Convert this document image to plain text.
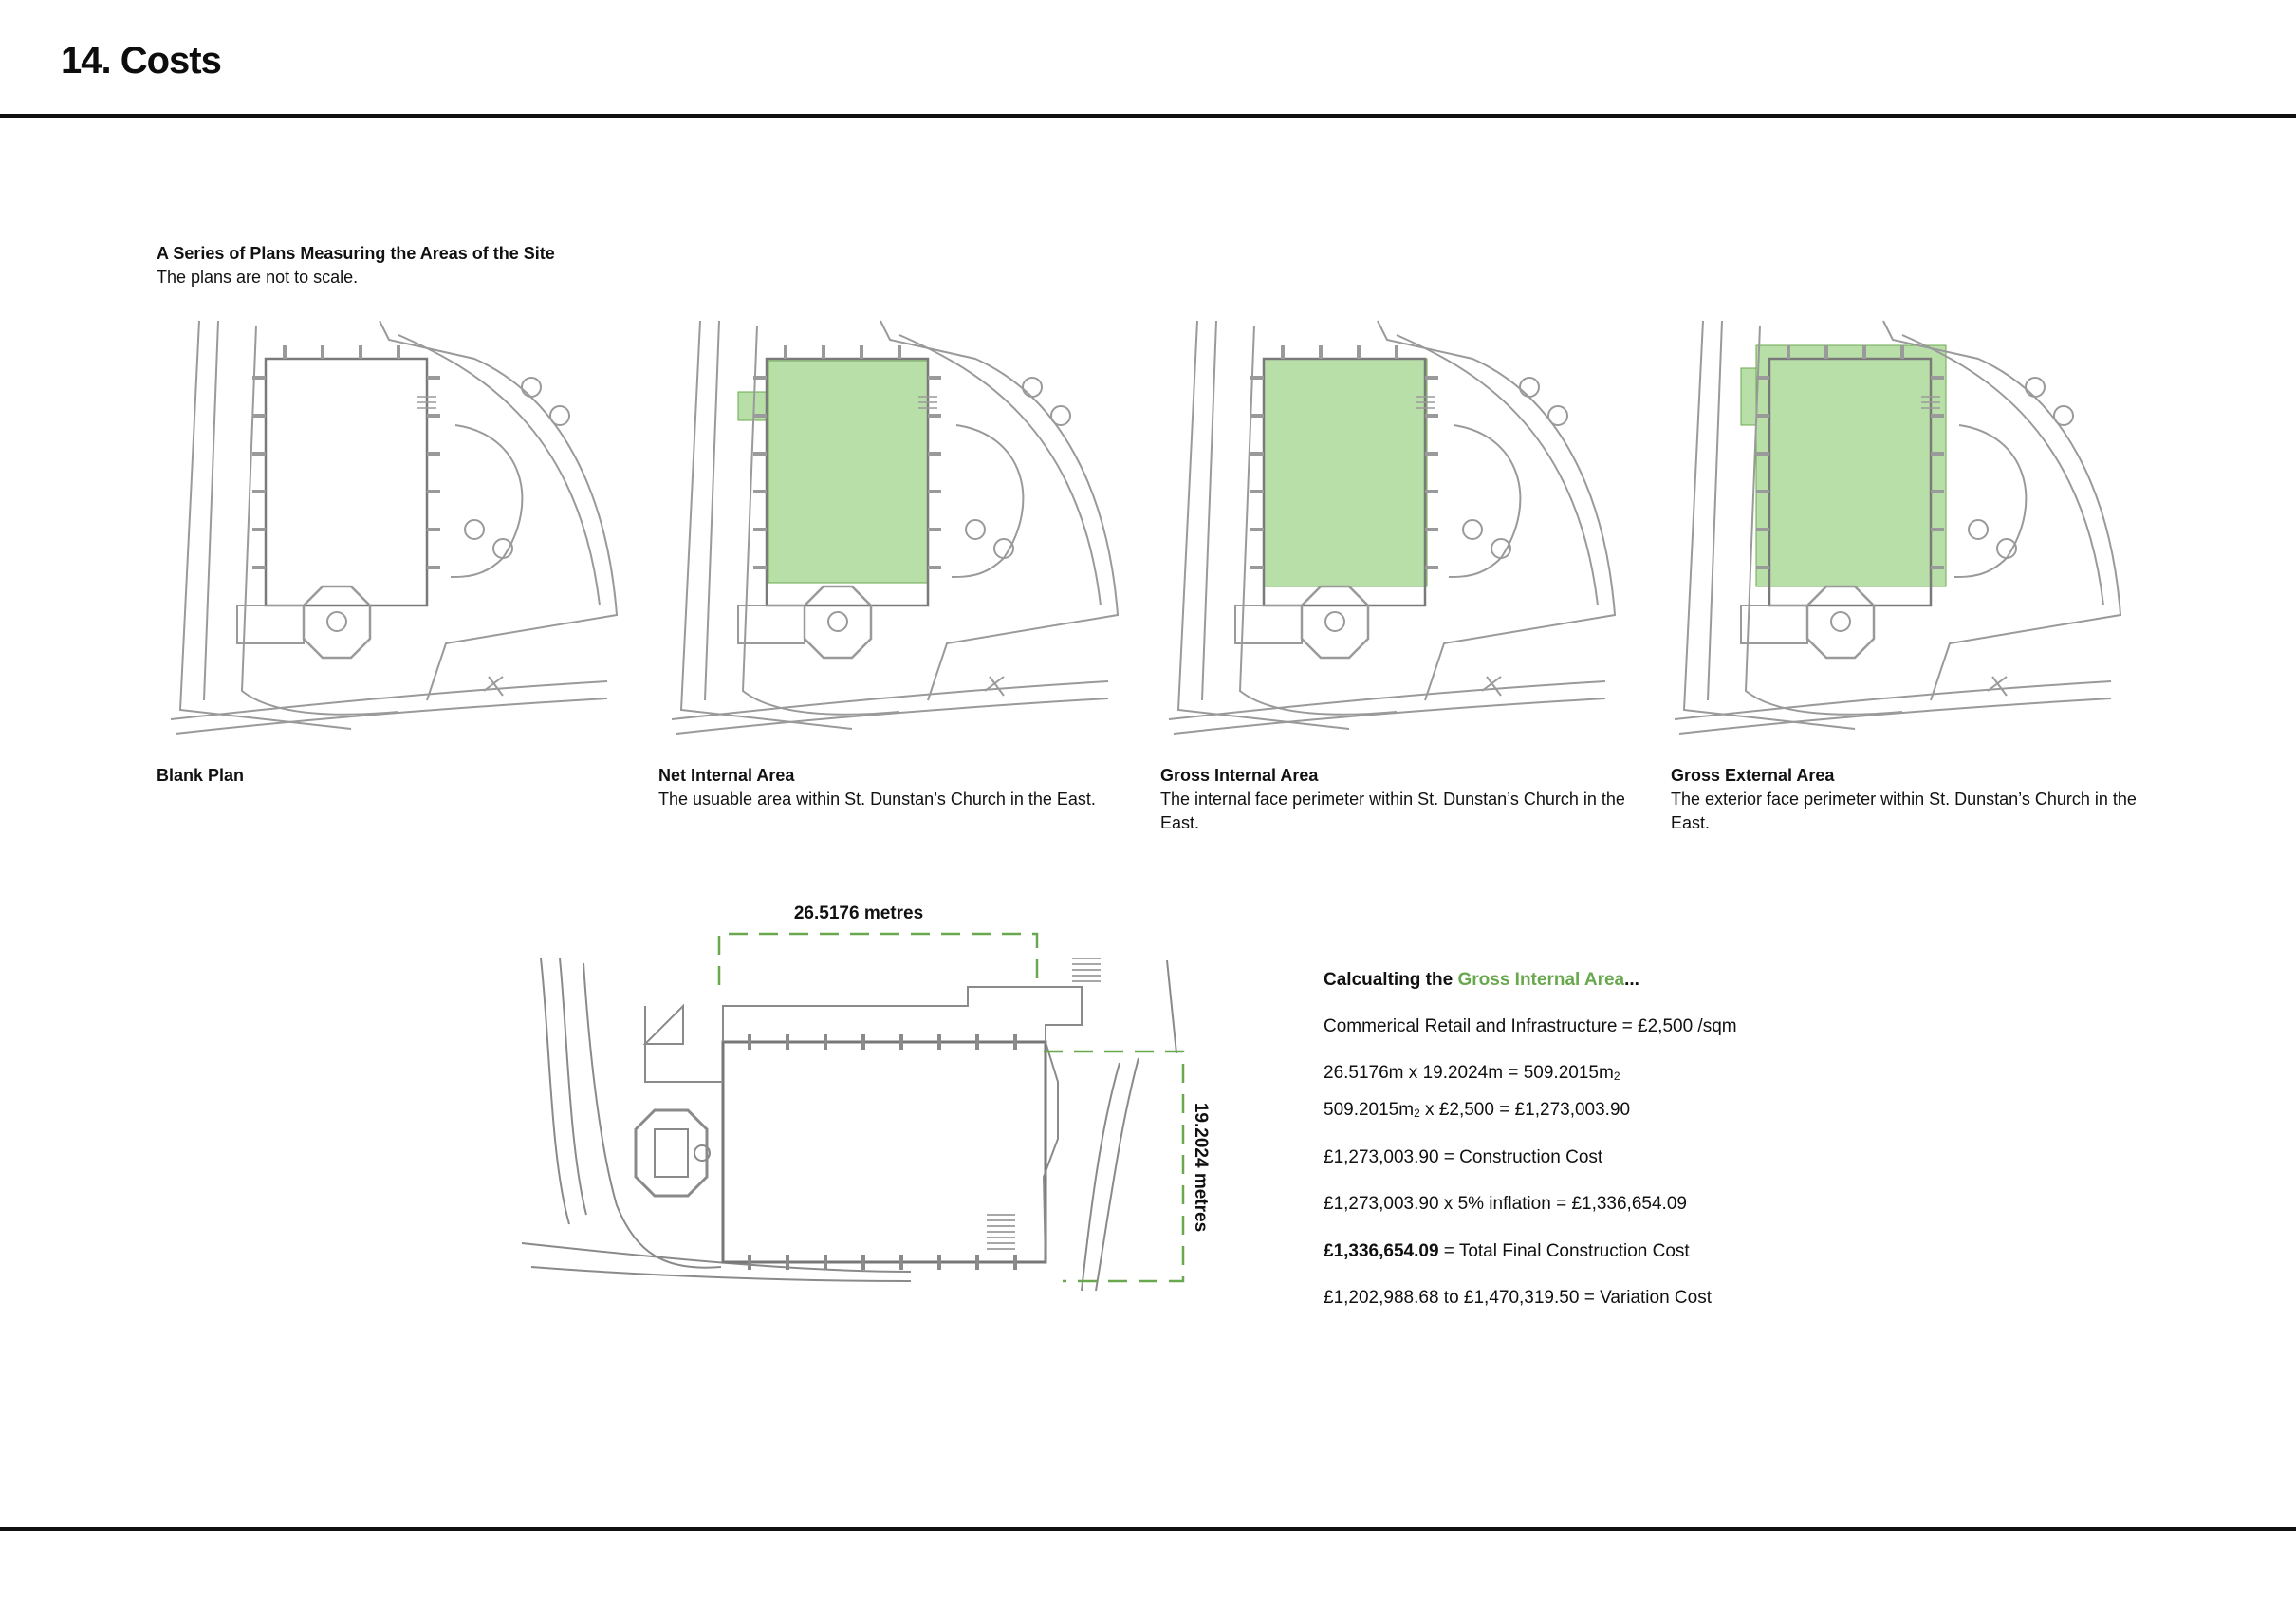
14. Costs
A Series of Plans Measuring the Areas of the Site
The plans are not to scale.
Blank Plan	Net Internal Area
The usuable area within St. Dunstan’s Church in the East.
Gross Internal Area
The internal face perimeter within St. Dunstan’s Church in the East.
Gross External Area
The exterior face perimeter within St. Dunstan’s Church in the East.
26.5176 metres
19.2024 metres
Calcualting the Gross Internal Area...
Commerical Retail and Infrastructure = £2,500 /sqm
26.5176m x $19.2024m = 509.2015m_2$
$509.2015m_2$ x £2,500 = £1,273,003.90
£1,273,003.90 = Construction Cost
£1,273,003.90 x 5% inflation = £1,336,654.09
£1,336,654.09 = Total Final Construction Cost
£1,202,988.68 to £1,470,319.50 = Variation Cost
